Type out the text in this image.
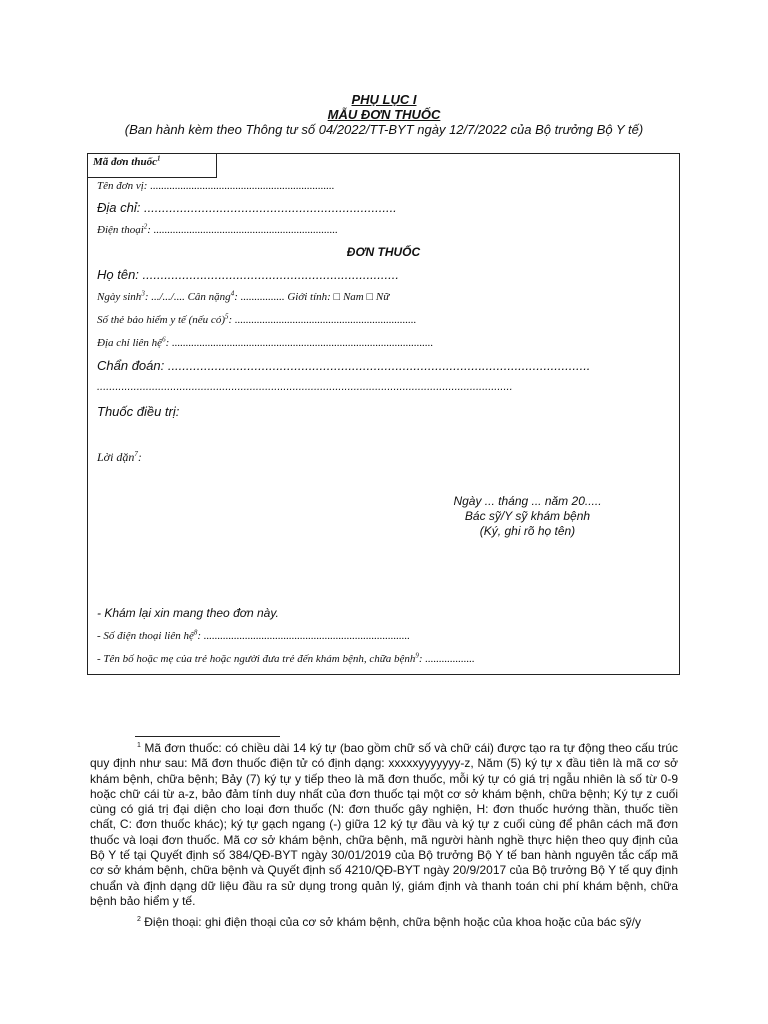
PHỤ LỤC I
MẪU ĐƠN THUỐC
(Ban hành kèm theo Thông tư số 04/2022/TT-BYT ngày 12/7/2022 của Bộ trưởng Bộ Y tế)
Mã đơn thuốc$^1$
Tên đơn vị: ...................................................................
Địa chỉ: ......................................................................
Điện thoại$^2$: ...................................................................
ĐƠN THUỐC
Họ tên: .......................................................................
Ngày $\sinh^3$: .../.../.... Cân nặng$^4$: ................ Giới tính: □ Nam □ Nữ
Số thẻ bảo hiểm y tế (nếu có)$^5$: ..................................................................
Địa chỉ liên hệ$^6$: ...............................................................................................
Chẩn đoán: .....................................................................................................................
........................................................................................................................................
Thuốc điều trị:
Lời dặn$^7$:
Ngày ... tháng ... năm 20.....
Bác sỹ/Y sỹ khám bệnh
(Ký, ghi rõ họ tên)
- Khám lại xin mang theo đơn này.
- Số điện thoại liên hệ$^8$: ...........................................................................
- Tên bố hoặc mẹ của trẻ hoặc người đưa trẻ đến khám bệnh, chữa bệnh$^9$: ..................

$^1$ Mã đơn thuốc: có chiều dài 14 ký tự (bao gồm chữ số và chữ cái) được tạo ra tự động theo cấu trúc quy định như sau: Mã đơn thuốc điện tử có định dạng: xxxxxyyyyyyy-z, Năm (5) ký tự x đầu tiên là mã cơ sở khám bệnh, chữa bệnh; Bảy (7) ký tự y tiếp theo là mã đơn thuốc, mỗi ký tự có giá trị ngẫu nhiên là số từ 0-9 hoặc chữ cái từ a-z, bảo đảm tính duy nhất của đơn thuốc tại một cơ sở khám bệnh, chữa bệnh; Ký tự z cuối cùng có giá trị đại diện cho loại đơn thuốc (N: đơn thuốc gây nghiện, H: đơn thuốc hướng thần, thuốc tiền chất, C: đơn thuốc khác); ký tự gạch ngang (-) giữa 12 ký tự đầu và ký tự z cuối cùng để phân cách mã đơn thuốc và loại đơn thuốc. Mã cơ sở khám bệnh, chữa bệnh, mã người hành nghề thực hiện theo quy định của Bộ Y tế tại Quyết định số 384/QĐ-BYT ngày 30/01/2019 của Bộ trưởng Bộ Y tế ban hành nguyên tắc cấp mã cơ sở khám bệnh, chữa bệnh và Quyết định số 4210/QĐ-BYT ngày 20/9/2017 của Bộ trưởng Bộ Y tế quy định chuẩn và định dạng dữ liệu đầu ra sử dụng trong quản lý, giám định và thanh toán chi phí khám bệnh, chữa bệnh bảo hiểm y tế.

$^2$ Điện thoại: ghi điện thoại của cơ sở khám bệnh, chữa bệnh hoặc của khoa hoặc của bác sỹ/y
